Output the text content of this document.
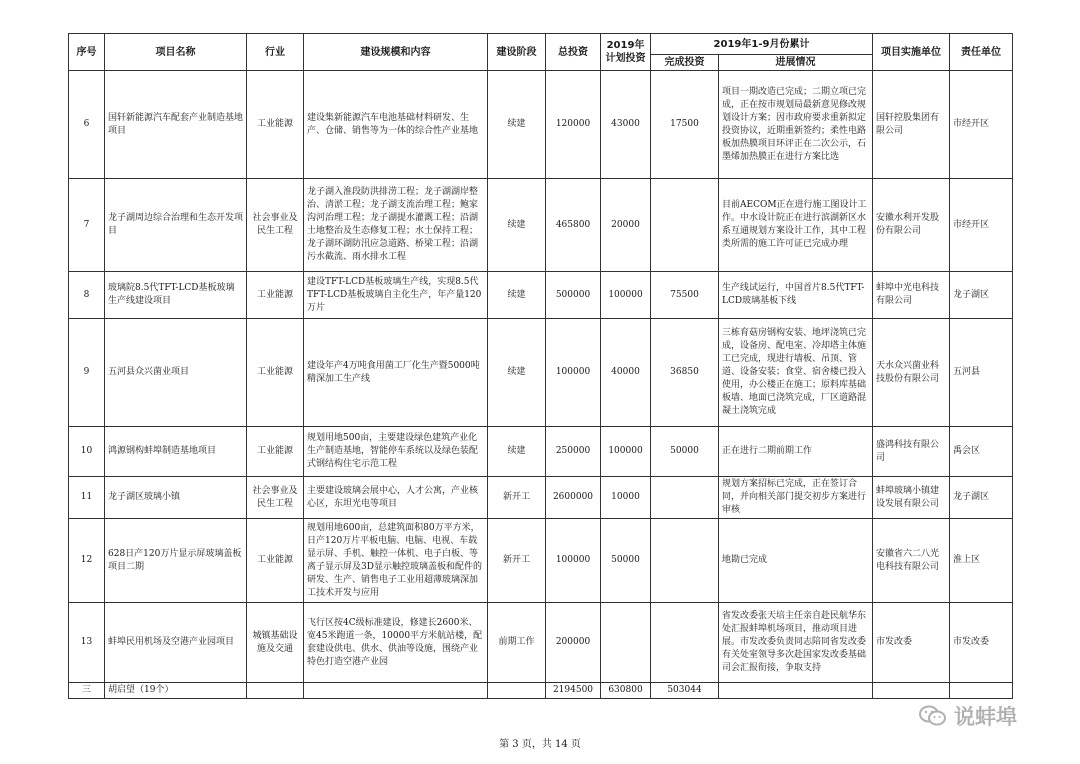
序号	项目名称	行业	建设规模和内容	建设阶段	总投资	2019年计划投资	2019年1-9月份累计		项目实施单位	责任单位
							完成投资	进展情况		
6	国轩新能源汽车配套产业制造基地项目	工业能源	建设集新能源汽车电池基础材料研发、生产、仓储、销售等为一体的综合性产业基地	续建	120000	43000	17500	项目一期改造已完成；二期立项已完成，正在按市规划局最新意见修改规划设计方案；因市政府要求重新拟定投资协议，近期重新签约；柔性电路板加热膜项目环评正在二次公示，石墨烯加热膜正在进行方案比选	国轩控股集团有限公司	市经开区
7	龙子湖周边综合治理和生态开发项目	社会事业及民生工程	龙子湖入淮段防洪排涝工程；龙子湖湖岸整治、清淤工程；龙子湖支流治理工程；鲍家沟河治理工程；龙子湖提水灌溉工程；沿湖土地整治及生态修复工程；水土保持工程；龙子湖环湖防汛应急道路、桥梁工程；沿湖污水截流、雨水排水工程	续建	465800	20000		目前AECOM正在进行施工图设计工作。中水设计院正在进行滨湖新区水系互通规划方案设计工作，其中工程类所需的施工许可证已完成办理	安徽水利开发股份有限公司	市经开区
8	玻璃院8.5代TFT-LCD基板玻璃生产线建设项目	工业能源	建设TFT-LCD基板玻璃生产线，实现8.5代TFT-LCD基板玻璃自主化生产，年产量120万片	续建	500000	100000	75500	生产线试运行，中国首片8.5代TFT-LCD玻璃基板下线	蚌埠中光电科技有限公司	龙子湖区
9	五河县众兴菌业项目	工业能源	建设年产4万吨食用菌工厂化生产暨5000吨精深加工生产线	续建	100000	40000	36850	三栋育菇房钢构安装、地坪浇筑已完成，设备房、配电室、冷却塔主体施工已完成，现进行墙板、吊顶、管道、设备安装；食堂、宿舍楼已投入使用，办公楼正在施工；原料库基础板墙、地面已浇筑完成，厂区道路混凝土浇筑完成	天水众兴菌业科技股份有限公司	五河县
10	鸿源钢构蚌埠制造基地项目	工业能源	规划用地500亩，主要建设绿色建筑产业化生产制造基地，智能停车系统以及绿色装配式钢结构住宅示范工程	续建	250000	100000	50000	正在进行二期前期工作	盛鸿科技有限公司	禹会区
11	龙子湖区玻璃小镇	社会事业及民生工程	主要建设玻璃会展中心，人才公寓，产业核心区，东坦光电等项目	新开工	2600000	10000		规划方案招标已完成，正在签订合同，并向相关部门提交初步方案进行审核	蚌埠玻璃小镇建设发展有限公司	龙子湖区
12	628日产120万片显示屏玻璃盖板项目二期	工业能源	规划用地600亩，总建筑面积80万平方米，日产120万片平板电脑、电脑、电视、车载显示屏、手机、触控一体机、电子白板、等离子显示屏及3D显示触控玻璃盖板和配件的研发、生产、销售电子工业用超薄玻璃深加工技术开发与应用	新开工	100000	50000		地勘已完成	安徽省六二八光电科技有限公司	淮上区
13	蚌埠民用机场及空港产业园项目	城镇基础设施及交通	飞行区按4C级标准建设，修建长2600米、宽45米跑道一条，10000平方米航站楼，配套建设供电、供水、供油等设施，围绕产业特色打造空港产业园	前期工作	200000			省发改委张天培主任亲自赴民航华东处汇报蚌埠机场项目，推动项目进展。市发改委负责同志陪同省发改委有关处室领导多次赴国家发改委基础司会汇报衔接，争取支持	市发改委	市发改委
三	胡启望（19个）				2194500	630800	503044			
说蚌埠
第 3 页，共 14 页
